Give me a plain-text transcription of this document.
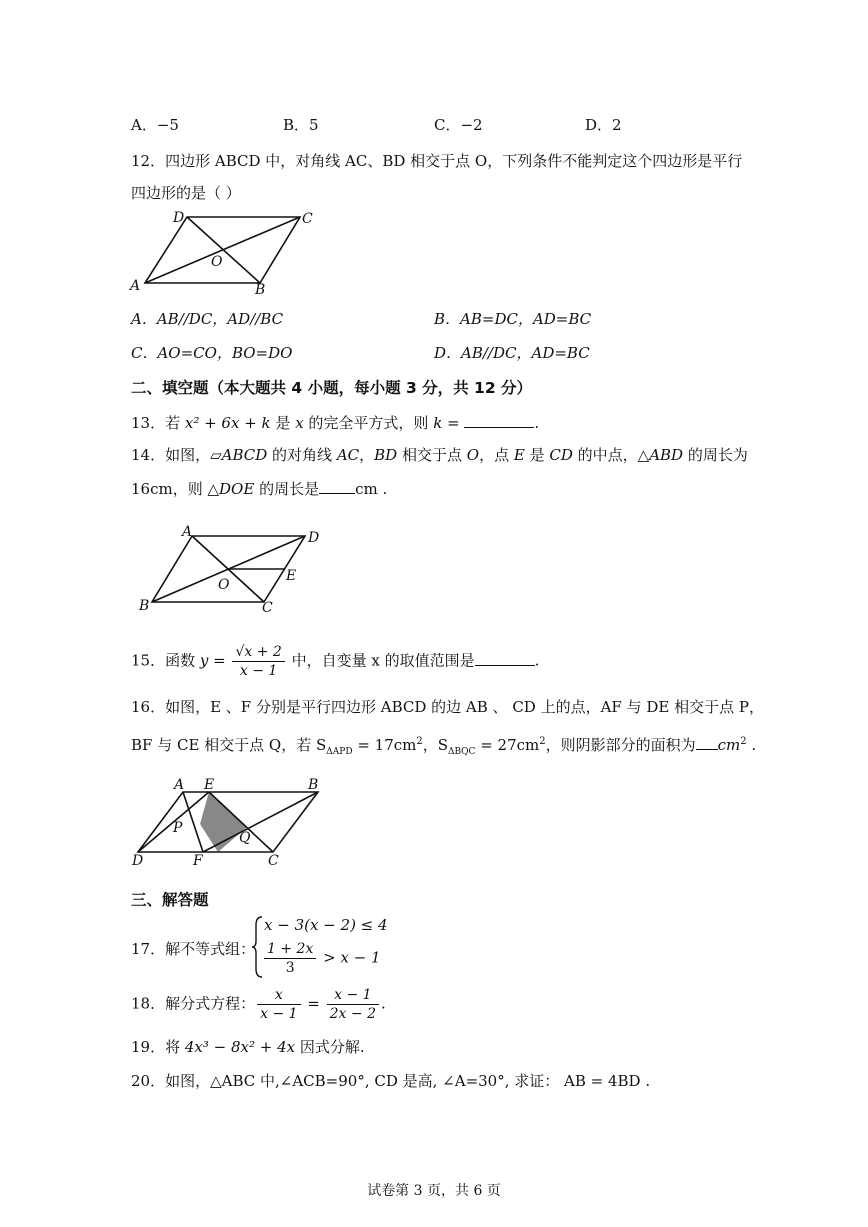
A．−5	B．5	C．−2	D．2
12．四边形 ABCD 中，对角线 AC、BD 相交于点 O，下列条件不能判定这个四边形是平行
四边形的是（ ）
D	C
O
A	B
A．AB//DC，AD//BC	B．AB=DC，AD=BC
C．AO=CO，BO=DO	D．AB//DC，AD=BC
二、填空题（本大题共 4 小题，每小题 3 分，共 12 分）
13．若 x² + 6x + k 是 x 的完全平方式，则 k =	.
14．如图，▱ABCD 的对角线 AC，BD 相交于点 O，点 E 是 CD 的中点，△ABD 的周长为
16cm，则 △DOE 的周长是 cm .
A	D
E
O
B	C
15．函数 $y = \frac{√x + 2}{x - 1}$ 中，自变量 x 的取值范围是	.
16．如图，E 、F 分别是平行四边形 ABCD 的边 AB 、 CD 上的点，AF 与 DE 相交于点 P，
BF 与 CE 相交于点 Q，若 $S_{\Delta APD} = 17cm^2$，$S_{\Delta BQC} = 27cm^2$，则阴影部分的面积为 $cm^2$ .
A E	B
P
Q
D	F	C
三、解答题
17．解不等式组：
x − 3(x − 2) ≤ 4
$\frac{1 + 2x}{3} > x - 1$
18．解分式方程： $\frac{x}{x - 1} = \frac{x - 1}{2x - 2}$ .
19．将 4x³ − 8x² + 4x 因式分解.
20．如图，△ABC 中,∠ACB=90°, CD 是高, ∠A=30°, 求证： AB = 4BD .
试卷第 3 页，共 6 页
